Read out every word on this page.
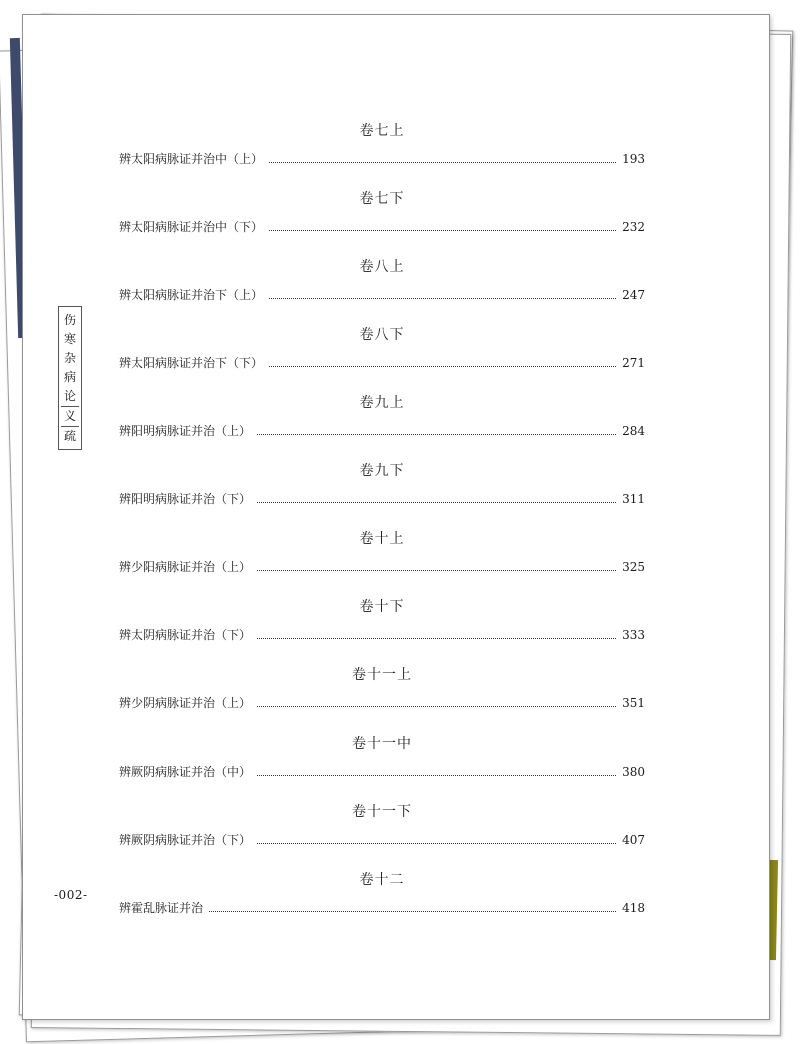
伤
寒
杂
病
论
义
疏
-002-
卷七上
辨太阳病脉证并治中（上）	193
卷七下
辨太阳病脉证并治中（下）	232
卷八上
辨太阳病脉证并治下（上）	247
卷八下
辨太阳病脉证并治下（下）	271
卷九上
辨阳明病脉证并治（上）	284
卷九下
辨阳明病脉证并治（下）	311
卷十上
辨少阳病脉证并治（上）	325
卷十下
辨太阴病脉证并治（下）	333
卷十一上
辨少阴病脉证并治（上）	351
卷十一中
辨厥阴病脉证并治（中）	380
卷十一下
辨厥阴病脉证并治（下）	407
卷十二
辨霍乱脉证并治	418
